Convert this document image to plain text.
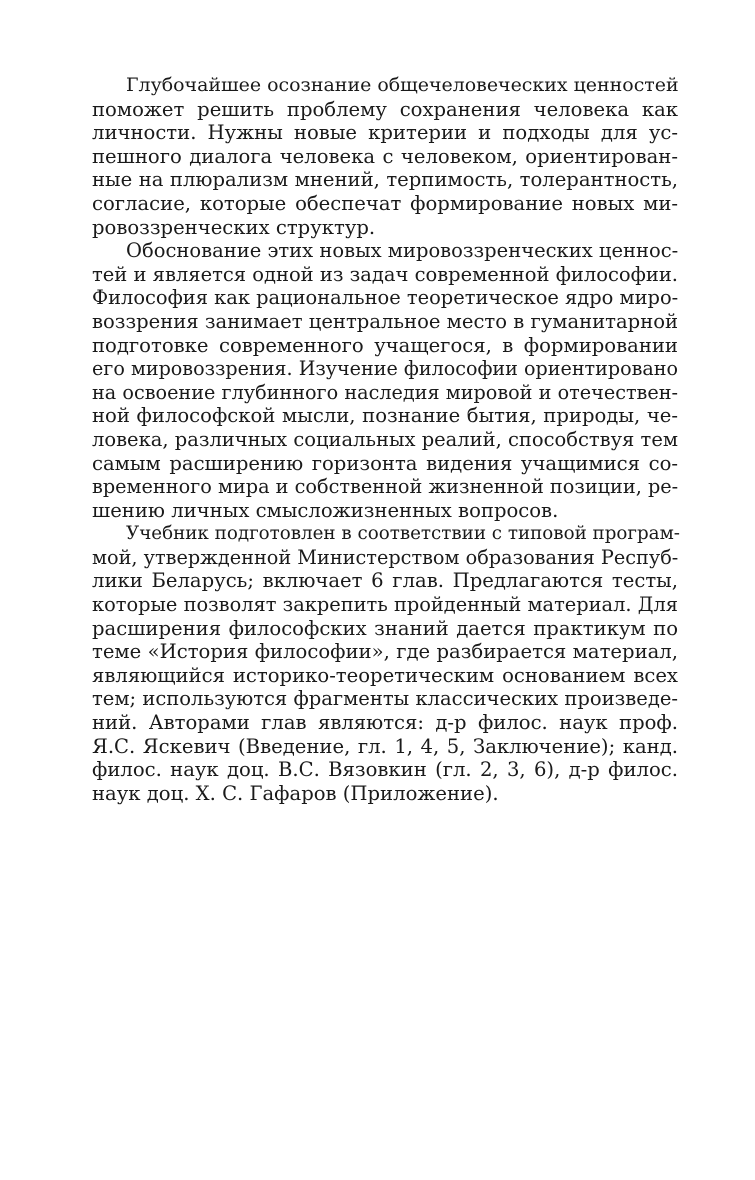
Глубочайшее осознание общечеловеческих ценностей
поможет решить проблему сохранения человека как
личности. Нужны новые критерии и подходы для ус-
пешного диалога человека с человеком, ориентирован-
ные на плюрализм мнений, терпимость, толерантность,
согласие, которые обеспечат формирование новых ми-
ровоззренческих структур.
Обоснование этих новых мировоззренческих ценнос-
тей и является одной из задач современной философии.
Философия как рациональное теоретическое ядро миро-
воззрения занимает центральное место в гуманитарной
подготовке современного учащегося, в формировании
его мировоззрения. Изучение философии ориентировано
на освоение глубинного наследия мировой и отечествен-
ной философской мысли, познание бытия, природы, че-
ловека, различных социальных реалий, способствуя тем
самым расширению горизонта видения учащимися со-
временного мира и собственной жизненной позиции, ре-
шению личных смысложизненных вопросов.
Учебник подготовлен в соответствии с типовой програм-
мой, утвержденной Министерством образования Респуб-
лики Беларусь; включает 6 глав. Предлагаются тесты,
которые позволят закрепить пройденный материал. Для
расширения философских знаний дается практикум по
теме «История философии», где разбирается материал,
являющийся историко-теоретическим основанием всех
тем; используются фрагменты классических произведе-
ний. Авторами глав являются: д-р филос. наук проф.
Я.С. Яскевич (Введение, гл. 1, 4, 5, Заключение); канд.
филос. наук доц. В.С. Вязовкин (гл. 2, 3, 6), д-р филос.
наук доц. Х. С. Гафаров (Приложение).
